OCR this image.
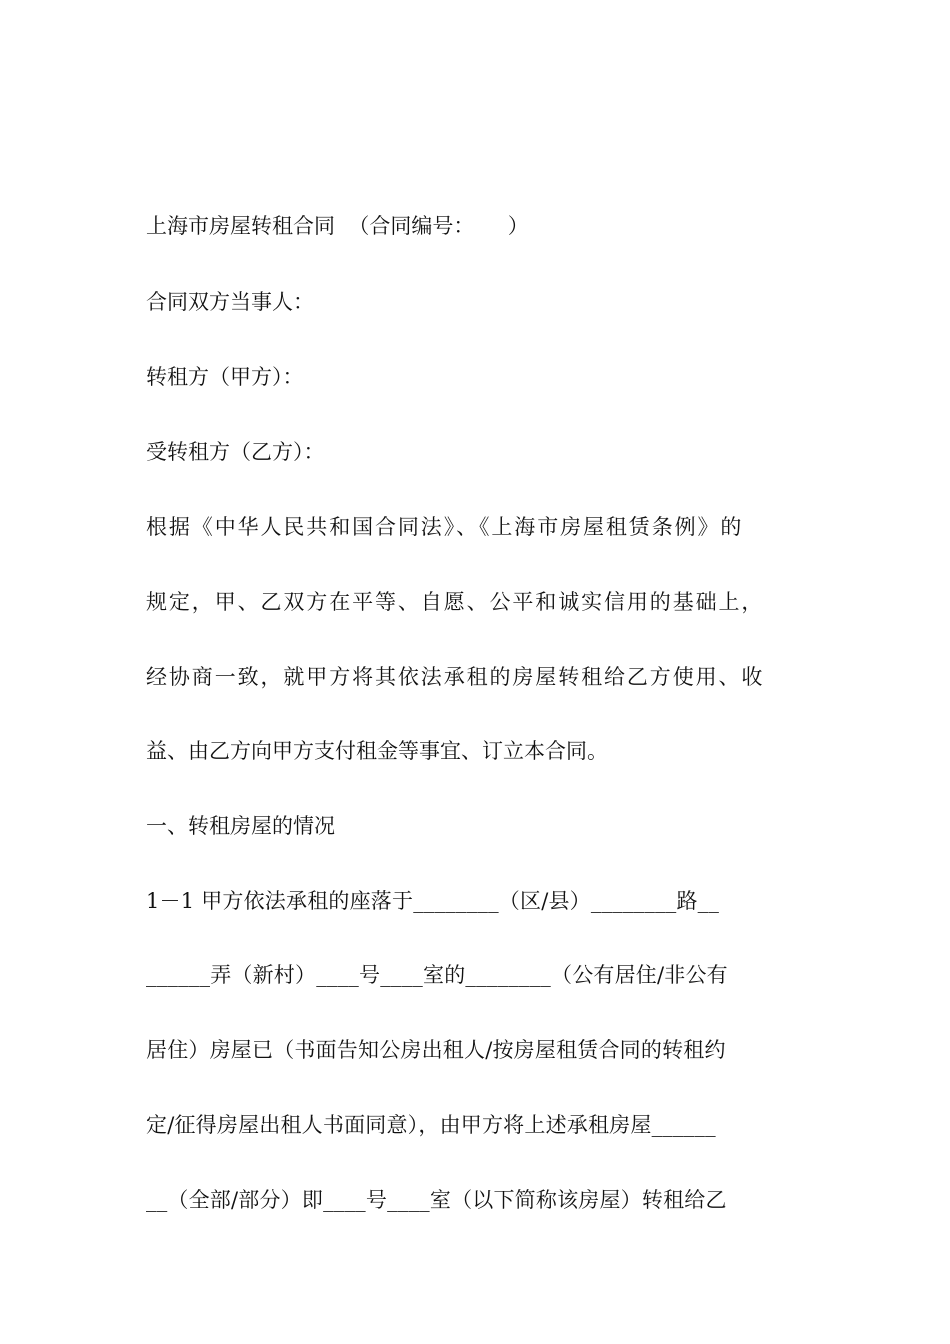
上海市房屋转租合同  （合同编号：     ）
合同双方当事人：
转租方（甲方）：
受转租方（乙方）：
根据《中华人民共和国合同法》、《上海市房屋租赁条例》的
规定，甲、乙双方在平等、自愿、公平和诚实信用的基础上，
经协商一致，就甲方将其依法承租的房屋转租给乙方使用、收
益、由乙方向甲方支付租金等事宜、订立本合同。
一、转租房屋的情况
1－1 甲方依法承租的座落于________（区/县）________路__
______弄（新村）____号____室的________（公有居住/非公有
居住）房屋已（书面告知公房出租人/按房屋租赁合同的转租约
定/征得房屋出租人书面同意），由甲方将上述承租房屋______
__（全部/部分）即____号____室（以下简称该房屋）转租给乙
